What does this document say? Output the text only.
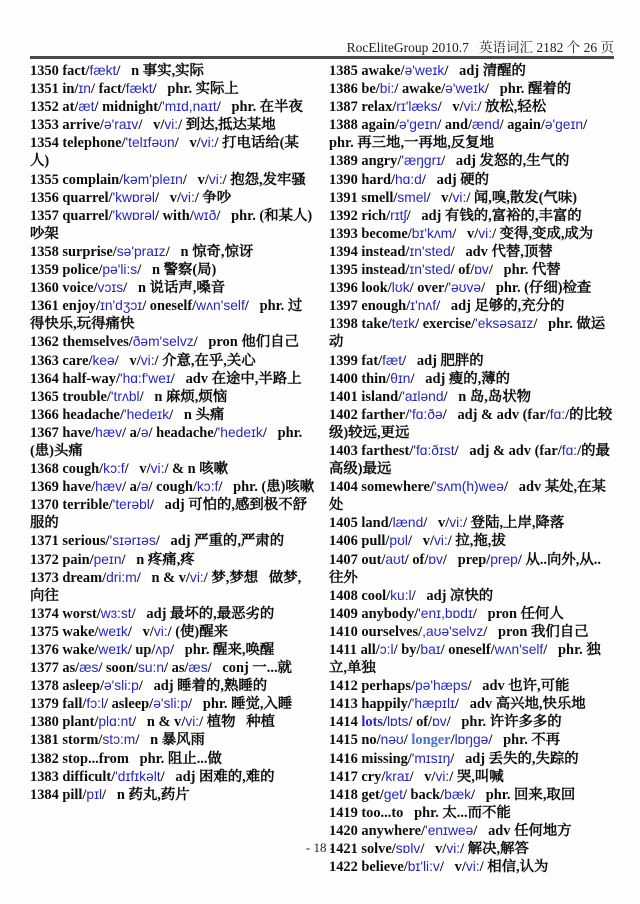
RocEliteGroup 2010.7   英语词汇 2182 个 26 页

1350 fact/fækt/   n 事实,实际

1351 in/ɪn/ fact/fækt/   phr. 实际上

1352 at/æt/ midnight/'mɪd,naɪt/   phr. 在半夜

1353 arrive/ə'raɪv/   v/vi:/ 到达,抵达某地

1354 telephone/'telɪfəʊn/   v/vi:/ 打电话给(某人)

1355 complain/kəm'pleɪn/   v/vi:/ 抱怨,发牢骚

1356 quarrel/'kwɒrəl/   v/vi:/ 争吵

1357 quarrel/'kwɒrəl/ with/wɪð/   phr. (和某人)吵架

1358 surprise/sə'praɪz/   n 惊奇,惊讶

1359 police/pə'li:s/   n 警察(局)

1360 voice/vɔɪs/   n 说话声,嗓音

1361 enjoy/ɪn'dʒɔɪ/ oneself/wʌn'self/   phr. 过得快乐,玩得痛快

1362 themselves/ðəm'selvz/   pron 他们自己

1363 care/keə/   v/vi:/ 介意,在乎,关心

1364 half-way/'hɑ:f'weɪ/   adv 在途中,半路上

1365 trouble/'trʌbl/   n 麻烦,烦恼

1366 headache/'hedeɪk/   n 头痛

1367 have/hæv/ a/ə/ headache/'hedeɪk/   phr. (患)头痛

1368 cough/kɔ:f/   v/vi:/ & n 咳嗽

1369 have/hæv/ a/ə/ cough/kɔ:f/   phr. (患)咳嗽

1370 terrible/'terəbl/   adj 可怕的,感到极不舒服的

1371 serious/'sɪərɪəs/   adj 严重的,严肃的

1372 pain/peɪn/   n 疼痛,疼

1373 dream/dri:m/   n & v/vi:/ 梦,梦想   做梦,向往

1374 worst/wɜ:st/   adj 最坏的,最恶劣的

1375 wake/weɪk/   v/vi:/ (使)醒来

1376 wake/weɪk/ up/ʌp/   phr. 醒来,唤醒

1377 as/æs/ soon/su:n/ as/æs/   conj 一...就

1378 asleep/ə'sli:p/   adj 睡着的,熟睡的

1379 fall/fɔ:l/ asleep/ə'sli:p/   phr. 睡觉,入睡

1380 plant/plɑ:nt/   n & v/vi:/ 植物   种植

1381 storm/stɔ:m/   n 暴风雨

1382 stop...from   phr. 阻止...做

1383 difficult/'dɪfɪkəlt/   adj 困难的,难的

1384 pill/pɪl/   n 药丸,药片

1385 awake/ə'weɪk/   adj 清醒的

1386 be/bi:/ awake/ə'weɪk/   phr. 醒着的

1387 relax/rɪ'læks/   v/vi:/ 放松,轻松

1388 again/ə'geɪn/ and/ænd/ again/ə'geɪn/ phr. 再三地,一再地,反复地

1389 angry/'æŋgrɪ/   adj 发怒的,生气的

1390 hard/hɑ:d/   adj 硬的

1391 smell/smel/   v/vi:/ 闻,嗅,散发(气味)

1392 rich/rɪtʃ/   adj 有钱的,富裕的,丰富的

1393 become/bɪ'kʌm/   v/vi:/ 变得,变成,成为

1394 instead/ɪn'sted/   adv 代替,顶替

1395 instead/ɪn'sted/ of/ɒv/   phr. 代替

1396 look/lʊk/ over/'əʊvə/   phr. (仔细)检查

1397 enough/ɪ'nʌf/   adj 足够的,充分的

1398 take/teɪk/ exercise/'eksəsaɪz/   phr. 做运动

1399 fat/fæt/   adj 肥胖的

1400 thin/θɪn/   adj 瘦的,薄的

1401 island/'aɪlənd/   n 岛,岛状物

1402 farther/'fɑ:ðə/   adj & adv (far/fɑ:/的比较级)较远,更远

1403 farthest/'fɑ:ðɪst/   adj & adv (far/fɑ:/的最高级)最远

1404 somewhere/'sʌm(h)weə/   adv 某处,在某处

1405 land/lænd/   v/vi:/ 登陆,上岸,降落

1406 pull/pʊl/   v/vi:/ 拉,拖,拔

1407 out/aʊt/ of/ɒv/   prep/prep/ 从..向外,从..往外

1408 cool/ku:l/   adj 凉快的

1409 anybody/'enɪ,bɒdɪ/   pron 任何人

1410 ourselves/,aʊə'selvz/   pron 我们自己

1411 all/ɔ:l/ by/baɪ/ oneself/wʌn'self/   phr. 独立,单独

1412 perhaps/pə'hæps/   adv 也许,可能

1413 happily/'hæpɪlɪ/   adv 高兴地,快乐地

1414 lots/lɒts/ of/ɒv/   phr. 许许多多的

1415 no/nəʊ/ longer/lɒŋgə/   phr. 不再

1416 missing/'mɪsɪŋ/   adj 丢失的,失踪的

1417 cry/kraɪ/   v/vi:/ 哭,叫喊

1418 get/get/ back/bæk/   phr. 回来,取回

1419 too...to   phr. 太...而不能

1420 anywhere/'enɪweə/   adv 任何地方

1421 solve/sɒlv/   v/vi:/ 解决,解答

1422 believe/bɪ'li:v/   v/vi:/ 相信,认为

- 18 -
